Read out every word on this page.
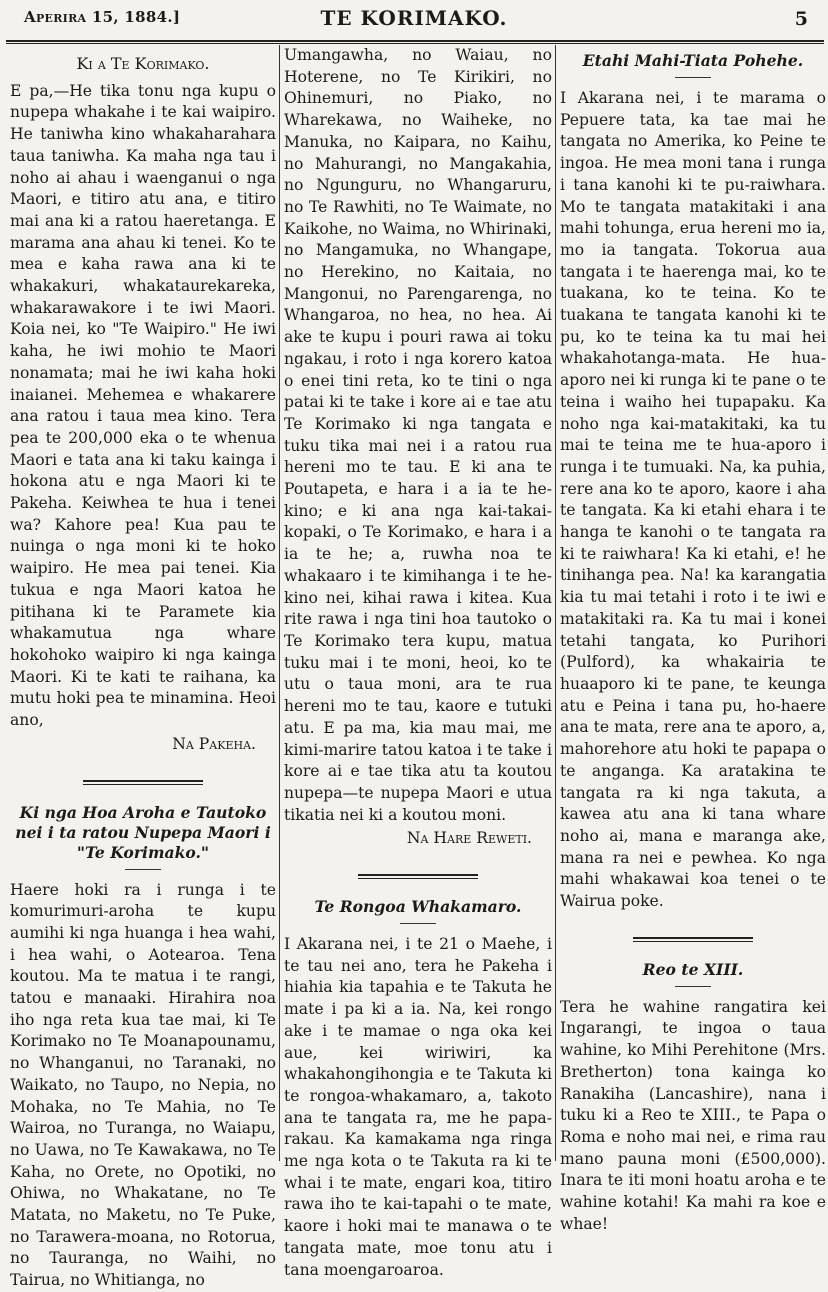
Aperira 15, 1884.]	TE KORIMAKO.	5
Ki a Te Korimako.

E pa,—He tika tonu nga kupu o nupepa whakahe i te kai waipiro. He taniwha kino whakaharahara taua taniwha. Ka maha nga tau i noho ai ahau i waenganui o nga Maori, e titiro atu ana, e titiro mai ana ki a ratou haeretanga. E marama ana ahau ki tenei. Ko te mea e kaha rawa ana ki te whakakuri, whakataurekareka, whakarawakore i te iwi Maori. Koia nei, ko "Te Waipiro." He iwi kaha, he iwi mohio te Maori nonamata; mai he iwi kaha hoki inaianei. Mehemea e whakarere ana ratou i taua mea kino. Tera pea te 200,000 eka o te whenua Maori e tata ana ki taku kainga i hokona atu e nga Maori ki te Pakeha. Keiwhea te hua i tenei wa? Kahore pea! Kua pau te nuinga o nga moni ki te hoko waipiro. He mea pai tenei. Kia tukua e nga Maori katoa he pitihana ki te Paramete kia whakamutua nga whare hokohoko waipiro ki nga kainga Maori. Ki te kati te raihana, ka mutu hoki pea te minamina. Heoi ano,

Na Pakeha.

Ki nga Hoa Aroha e Tautoko nei i ta ratou Nupepa Maori i "Te Korimako."

Haere hoki ra i runga i te komurimuri-aroha te kupu aumihi ki nga huanga i hea wahi, i hea wahi, o Aotearoa. Tena koutou. Ma te matua i te rangi, tatou e manaaki. Hirahira noa iho nga reta kua tae mai, ki Te Korimako no Te Moanapounamu, no Whanganui, no Taranaki, no Waikato, no Taupo, no Nepia, no Mohaka, no Te Mahia, no Te Wairoa, no Turanga, no Waiapu, no Uawa, no Te Kawakawa, no Te Kaha, no Orete, no Opotiki, no Ohiwa, no Whakatane, no Te Matata, no Maketu, no Te Puke, no Tarawera-moana, no Rotorua, no Tauranga, no Waihi, no Tairua, no Whitianga, no

Umangawha, no Waiau, no Hoterene, no Te Kirikiri, no Ohinemuri, no Piako, no Wharekawa, no Waiheke, no Manuka, no Kaipara, no Kaihu, no Mahurangi, no Mangakahia, no Ngunguru, no Whangaruru, no Te Rawhiti, no Te Waimate, no Kaikohe, no Waima, no Whirinaki, no Mangamuka, no Whangape, no Herekino, no Kaitaia, no Mangonui, no Parengarenga, no Whangaroa, no hea, no hea. Ai ake te kupu i pouri rawa ai toku ngakau, i roto i nga korero katoa o enei tini reta, ko te tini o nga patai ki te take i kore ai e tae atu Te Korimako ki nga tangata e tuku tika mai nei i a ratou rua hereni mo te tau. E ki ana te Poutapeta, e hara i a ia te he-kino; e ki ana nga kai-takai-kopaki, o Te Korimako, e hara i a ia te he; a, ruwha noa te whakaaro i te kimihanga i te he-kino nei, kihai rawa i kitea. Kua rite rawa i nga tini hoa tautoko o Te Korimako tera kupu, matua tuku mai i te moni, heoi, ko te utu o taua moni, ara te rua hereni mo te tau, kaore e tutuki atu. E pa ma, kia mau mai, me kimi-marire tatou katoa i te take i kore ai e tae tika atu ta koutou nupepa—te nupepa Maori e utua tikatia nei ki a koutou moni.

Na Hare Reweti.

Te Rongoa Whakamaro.

I Akarana nei, i te 21 o Maehe, i te tau nei ano, tera he Pakeha i hiahia kia tapahia e te Takuta he mate i pa ki a ia. Na, kei rongo ake i te mamae o nga oka kei aue, kei wiriwiri, ka whakahongihongia e te Takuta ki te rongoa-whakamaro, a, takoto ana te tangata ra, me he papa-rakau. Ka kamakama nga ringa me nga kota o te Takuta ra ki te whai i te mate, engari koa, titiro rawa iho te kai-tapahi o te mate, kaore i hoki mai te manawa o te tangata mate, moe tonu atu i tana moengaroaroa.

Etahi Mahi-Tiata Pohehe.

I Akarana nei, i te marama o Pepuere tata, ka tae mai he tangata no Amerika, ko Peine te ingoa. He mea moni tana i runga i tana kanohi ki te pu-raiwhara. Mo te tangata matakitaki i ana mahi tohunga, erua hereni mo ia, mo ia tangata. Tokorua aua tangata i te haerenga mai, ko te tuakana, ko te teina. Ko te tuakana te tangata kanohi ki te pu, ko te teina ka tu mai hei whakahotanga-mata. He hua-aporo nei ki runga ki te pane o te teina i waiho hei tupapaku. Ka noho nga kai-matakitaki, ka tu mai te teina me te hua-aporo i runga i te tumuaki. Na, ka puhia, rere ana ko te aporo, kaore i aha te tangata. Ka ki etahi ehara i te hanga te kanohi o te tangata ra ki te raiwhara! Ka ki etahi, e! he tinihanga pea. Na! ka karangatia kia tu mai tetahi i roto i te iwi e matakitaki ra. Ka tu mai i konei tetahi tangata, ko Purihori (Pulford), ka whakairia te huaaporo ki te pane, te keunga atu e Peina i tana pu, ho-haere ana te mata, rere ana te aporo, a, mahorehore atu hoki te papapa o te anganga. Ka aratakina te tangata ra ki nga takuta, a kawea atu ana ki tana whare noho ai, mana e maranga ake, mana ra nei e pewhea. Ko nga mahi whakawai koa tenei o te Wairua poke.

Reo te XIII.

Tera he wahine rangatira kei Ingarangi, te ingoa o taua wahine, ko Mihi Perehitone (Mrs. Bretherton) tona kainga ko Ranakiha (Lancashire), nana i tuku ki a Reo te XIII., te Papa o Roma e noho mai nei, e rima rau mano pauna moni (£500,000). Inara te iti moni hoatu aroha e te wahine kotahi! Ka mahi ra koe e whae!
